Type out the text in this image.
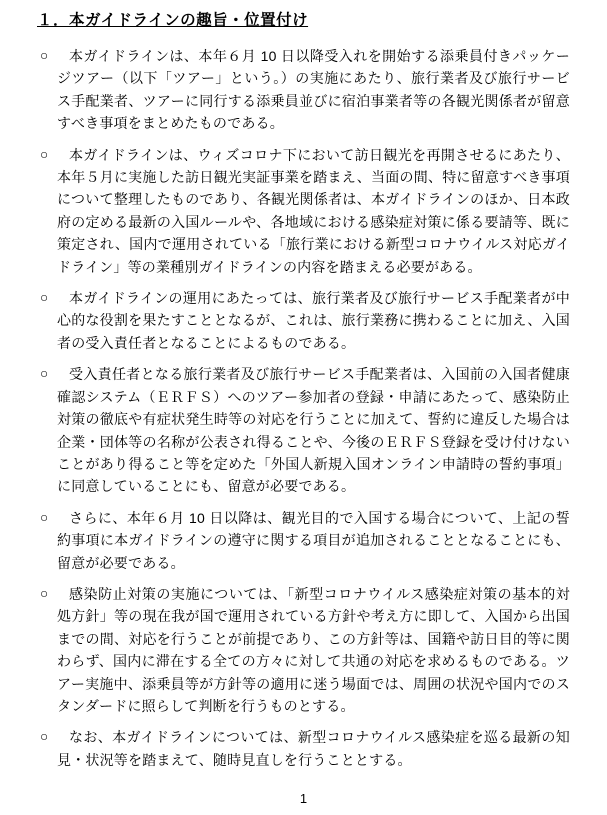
１．本ガイドラインの趣旨・位置付け
○	本ガイドラインは、本年６月 10 日以降受入れを開始する添乗員付きパッケージツアー（以下「ツアー」という。）の実施にあたり、旅行業者及び旅行サービス手配業者、ツアーに同行する添乗員並びに宿泊事業者等の各観光関係者が留意すべき事項をまとめたものである。

○	本ガイドラインは、ウィズコロナ下において訪日観光を再開させるにあたり、本年５月に実施した訪日観光実証事業を踏まえ、当面の間、特に留意すべき事項について整理したものであり、各観光関係者は、本ガイドラインのほか、日本政府の定める最新の入国ルールや、各地域における感染症対策に係る要請等、既に策定され、国内で運用されている「旅行業における新型コロナウイルス対応ガイドライン」等の業種別ガイドラインの内容を踏まえる必要がある。

○	本ガイドラインの運用にあたっては、旅行業者及び旅行サービス手配業者が中心的な役割を果たすこととなるが、これは、旅行業務に携わることに加え、入国者の受入責任者となることによるものである。

○	受入責任者となる旅行業者及び旅行サービス手配業者は、入国前の入国者健康確認システム（ＥＲＦＳ）へのツアー参加者の登録・申請にあたって、感染防止対策の徹底や有症状発生時等の対応を行うことに加えて、誓約に違反した場合は企業・団体等の名称が公表され得ることや、今後のＥＲＦＳ登録を受け付けないことがあり得ること等を定めた「外国人新規入国オンライン申請時の誓約事項」に同意していることにも、留意が必要である。

○	さらに、本年６月 10 日以降は、観光目的で入国する場合について、上記の誓約事項に本ガイドラインの遵守に関する項目が追加されることとなることにも、留意が必要である。

○	感染防止対策の実施については、「新型コロナウイルス感染症対策の基本的対処方針」等の現在我が国で運用されている方針や考え方に即して、入国から出国までの間、対応を行うことが前提であり、この方針等は、国籍や訪日目的等に関わらず、国内に滞在する全ての方々に対して共通の対応を求めるものである。ツアー実施中、添乗員等が方針等の適用に迷う場面では、周囲の状況や国内でのスタンダードに照らして判断を行うものとする。

○	なお、本ガイドラインについては、新型コロナウイルス感染症を巡る最新の知見・状況等を踏まえて、随時見直しを行うこととする。

1
